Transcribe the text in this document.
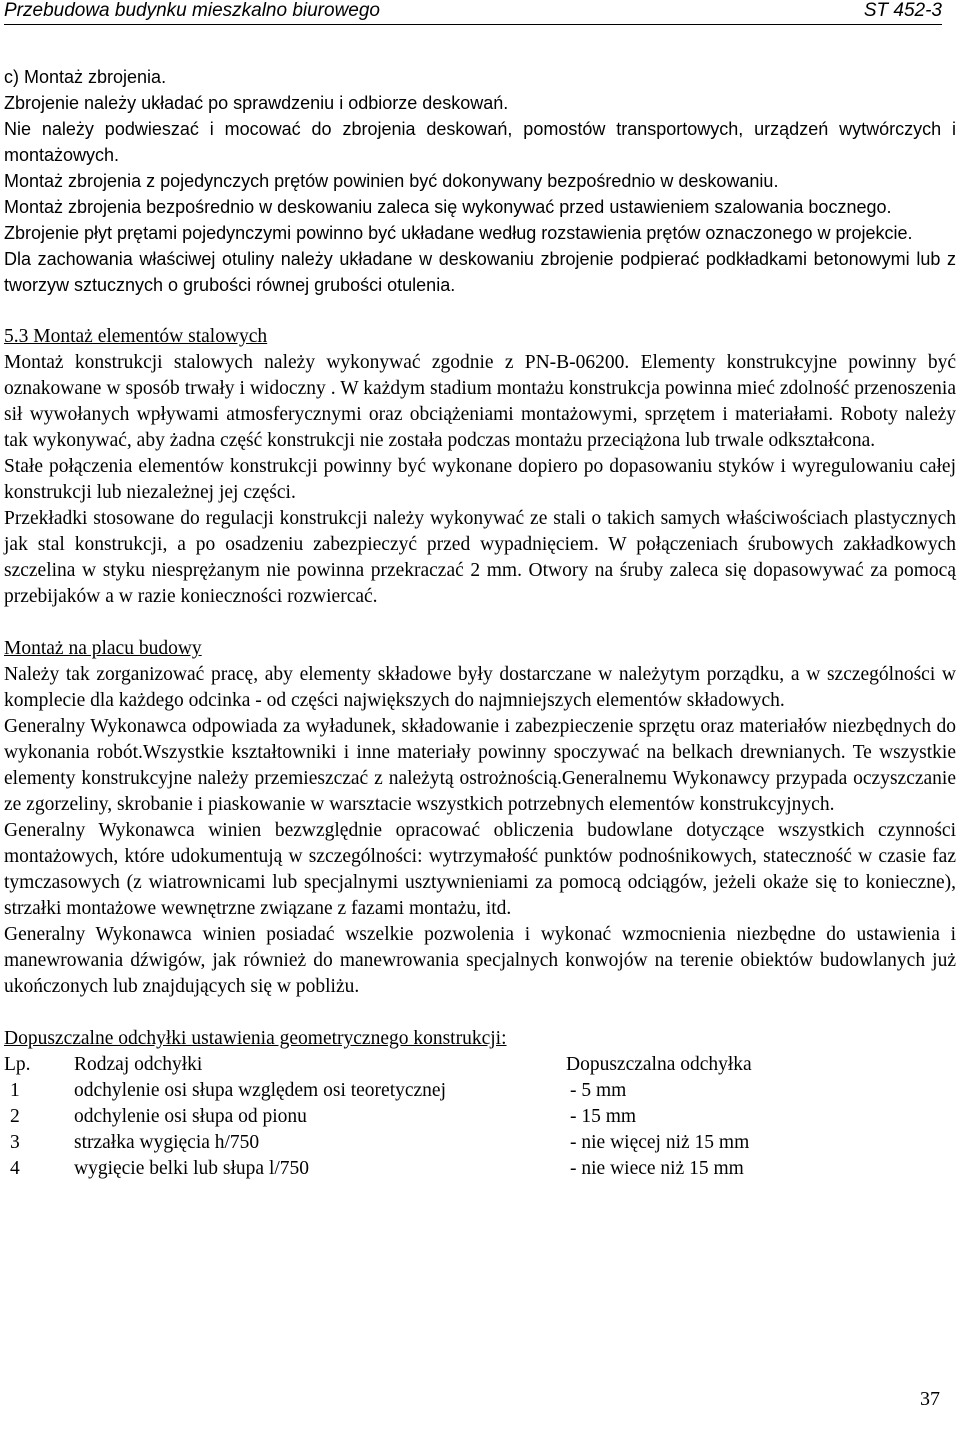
Przebudowa budynku mieszkalno biurowego	ST 452-3

c) Montaż zbrojenia.

Zbrojenie należy układać po sprawdzeniu i odbiorze deskowań.

Nie należy podwieszać i mocować do zbrojenia deskowań, pomostów transportowych, urządzeń wytwórczych i montażowych.

Montaż zbrojenia z pojedynczych prętów powinien być dokonywany bezpośrednio w deskowaniu.

Montaż zbrojenia bezpośrednio w deskowaniu zaleca się wykonywać przed ustawieniem szalowania bocznego.

Zbrojenie płyt prętami pojedynczymi powinno być układane według rozstawienia prętów oznaczonego w projekcie.

Dla zachowania właściwej otuliny należy układane w deskowaniu zbrojenie podpierać podkładkami betonowymi lub z tworzyw sztucznych o grubości równej grubości otulenia.

5.3 Montaż elementów stalowych

Montaż konstrukcji stalowych należy wykonywać zgodnie z PN-B-06200. Elementy konstrukcyjne powinny być oznakowane w sposób trwały i widoczny . W każdym stadium montażu konstrukcja powinna mieć zdolność przenoszenia sił wywołanych wpływami atmosferycznymi oraz obciążeniami montażowymi, sprzętem i materiałami. Roboty należy tak wykonywać, aby żadna część konstrukcji nie została podczas montażu przeciążona lub trwale odkształcona.

Stałe połączenia elementów konstrukcji powinny być wykonane dopiero po dopasowaniu styków i wyregulowaniu całej konstrukcji lub niezależnej jej części.

Przekładki stosowane do regulacji konstrukcji należy wykonywać ze stali o takich samych właściwościach plastycznych jak stal konstrukcji, a po osadzeniu zabezpieczyć przed wypadnięciem. W połączeniach śrubowych zakładkowych szczelina w styku niesprężanym nie powinna przekraczać 2 mm. Otwory na śruby zaleca się dopasowywać za pomocą przebijaków a w razie konieczności rozwiercać.

Montaż na placu budowy

Należy tak zorganizować pracę, aby elementy składowe były dostarczane w należytym porządku, a w szczególności w komplecie dla każdego odcinka - od części największych do najmniejszych elementów składowych.

Generalny Wykonawca odpowiada za wyładunek, składowanie i zabezpieczenie sprzętu oraz materiałów niezbędnych do wykonania robót.Wszystkie kształtowniki i inne materiały powinny spoczywać na belkach drewnianych. Te wszystkie elementy konstrukcyjne należy przemieszczać z należytą ostrożnością.Generalnemu Wykonawcy przypada oczyszczanie ze zgorzeliny, skrobanie i piaskowanie w warsztacie wszystkich potrzebnych elementów konstrukcyjnych.

Generalny Wykonawca winien bezwzględnie opracować obliczenia budowlane dotyczące wszystkich czynności montażowych, które udokumentują w szczególności: wytrzymałość punktów podnośnikowych, stateczność w czasie faz tymczasowych (z wiatrownicami lub specjalnymi usztywnieniami za pomocą odciągów, jeżeli okaże się to konieczne), strzałki montażowe wewnętrzne związane z fazami montażu, itd.

Generalny Wykonawca winien posiadać wszelkie pozwolenia i wykonać wzmocnienia niezbędne do ustawienia i manewrowania dźwigów, jak również do manewrowania specjalnych konwojów na terenie obiektów budowlanych już ukończonych lub znajdujących się w pobliżu.

Dopuszczalne odchyłki ustawienia geometrycznego konstrukcji:

Lp. Rodzaj odchyłki	Dopuszczalna odchyłka
1	odchylenie osi słupa względem osi teoretycznej	- 5 mm
2	odchylenie osi słupa od pionu	- 15 mm
3	strzałka wygięcia h/750	- nie więcej niż 15 mm
4	wygięcie belki lub słupa l/750	- nie wiece niż 15 mm
37
